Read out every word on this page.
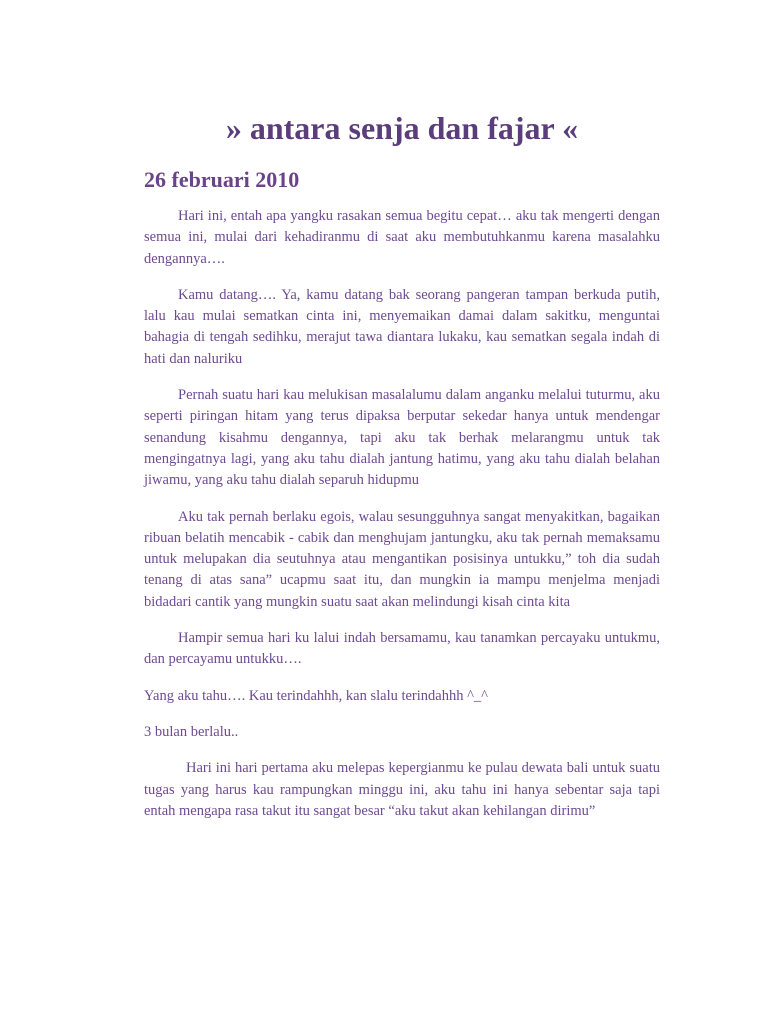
» antara senja dan fajar «
26 februari 2010

Hari ini, entah apa yangku rasakan semua begitu cepat… aku tak mengerti dengan semua ini, mulai dari kehadiranmu di saat aku membutuhkanmu karena masalahku dengannya….

Kamu datang…. Ya, kamu datang bak seorang pangeran tampan berkuda putih, lalu kau mulai sematkan cinta ini, menyemaikan damai dalam sakitku, menguntai bahagia di tengah sedihku, merajut tawa diantara lukaku, kau sematkan segala indah di hati dan naluriku

Pernah suatu hari kau melukisan masalalumu dalam anganku melalui tuturmu, aku seperti piringan hitam yang terus dipaksa berputar sekedar hanya untuk mendengar senandung kisahmu dengannya, tapi aku tak berhak melarangmu untuk tak mengingatnya lagi, yang aku tahu dialah jantung hatimu, yang aku tahu dialah belahan jiwamu, yang aku tahu dialah separuh hidupmu

Aku tak pernah berlaku egois, walau sesungguhnya sangat menyakitkan, bagaikan ribuan belatih mencabik - cabik dan menghujam jantungku, aku tak pernah memaksamu untuk melupakan dia seutuhnya atau mengantikan posisinya untukku,” toh dia sudah tenang di atas sana” ucapmu saat itu, dan mungkin ia mampu menjelma menjadi bidadari cantik yang mungkin suatu saat akan melindungi kisah cinta kita

Hampir semua hari ku lalui indah bersamamu, kau tanamkan percayaku untukmu, dan percayamu untukku….

Yang aku tahu…. Kau terindahhh, kan slalu terindahhh ^_^

3 bulan berlalu..

Hari ini hari pertama aku melepas kepergianmu ke pulau dewata bali untuk suatu tugas yang harus kau rampungkan minggu ini, aku tahu ini hanya sebentar saja tapi entah mengapa rasa takut itu sangat besar “aku takut akan kehilangan dirimu”
